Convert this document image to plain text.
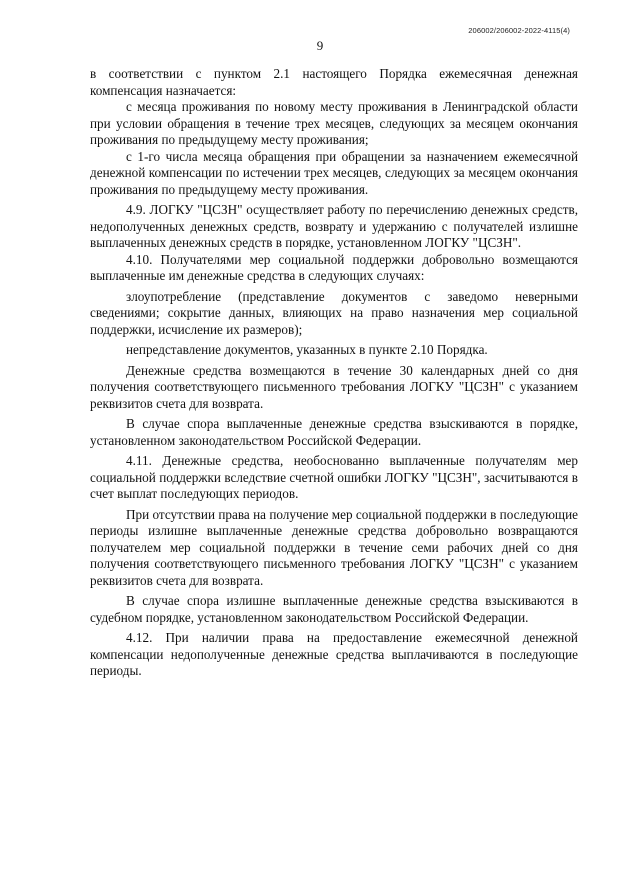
206002/206002-2022-4115(4)
9

в соответствии с пунктом 2.1 настоящего Порядка ежемесячная денежная компенсация назначается:

с месяца проживания по новому месту проживания в Ленинградской области при условии обращения в течение трех месяцев, следующих за месяцем окончания проживания по предыдущему месту проживания;

с 1-го числа месяца обращения при обращении за назначением ежемесячной денежной компенсации по истечении трех месяцев, следующих за месяцем окончания проживания по предыдущему месту проживания.

4.9. ЛОГКУ "ЦСЗН" осуществляет работу по перечислению денежных средств, недополученных денежных средств, возврату и удержанию с получателей излишне выплаченных денежных средств в порядке, установленном ЛОГКУ "ЦСЗН".

4.10. Получателями мер социальной поддержки добровольно возмещаются выплаченные им денежные средства в следующих случаях:

злоупотребление (представление документов с заведомо неверными сведениями; сокрытие данных, влияющих на право назначения мер социальной поддержки, исчисление их размеров);

непредставление документов, указанных в пункте 2.10 Порядка.

Денежные средства возмещаются в течение 30 календарных дней со дня получения соответствующего письменного требования ЛОГКУ "ЦСЗН" с указанием реквизитов счета для возврата.

В случае спора выплаченные денежные средства взыскиваются в порядке, установленном законодательством Российской Федерации.

4.11. Денежные средства, необоснованно выплаченные получателям мер социальной поддержки вследствие счетной ошибки ЛОГКУ "ЦСЗН", засчитываются в счет выплат последующих периодов.

При отсутствии права на получение мер социальной поддержки в последующие периоды излишне выплаченные денежные средства добровольно возвращаются получателем мер социальной поддержки в течение семи рабочих дней со дня получения соответствующего письменного требования ЛОГКУ "ЦСЗН" с указанием реквизитов счета для возврата.

В случае спора излишне выплаченные денежные средства взыскиваются в судебном порядке, установленном законодательством Российской Федерации.

4.12. При наличии права на предоставление ежемесячной денежной компенсации недополученные денежные средства выплачиваются в последующие периоды.
